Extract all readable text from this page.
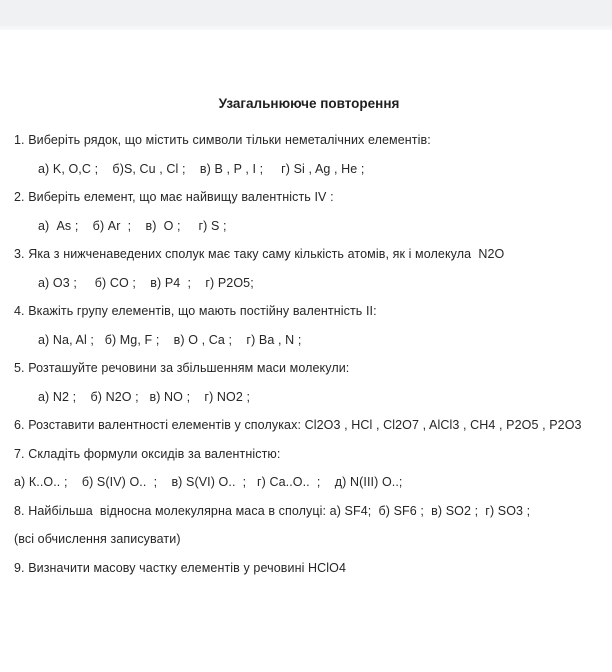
Узагальнююче повторення

1. Виберіть рядок, що містить символи тільки неметалічних елементів:

а) K, O,C ;    б)S, Cu , Cl ;    в) B , P , I ;     г) Si , Ag , He ;

2. Виберіть елемент, що має найвищу валентність IV :

а)  As ;    б) Ar  ;    в)  O ;     г) S ;

3. Яка з нижченаведених сполук має таку саму кількість атомів, як і молекула  N2O

а) O3 ;     б) CO ;    в) P4  ;    г) P2O5;

4. Вкажіть групу елементів, що мають постійну валентність II:

а) Na, Al ;   б) Mg, F ;    в) O , Ca ;    г) Ba , N ;

5. Розташуйте речовини за збільшенням маси молекули:

а) N2 ;    б) N2O ;   в) NO ;    г) NO2 ;

6. Розставити валентності елементів у сполуках: Cl2O3 , HCl , Cl2O7 , AlCl3 , CH4 , P2O5 , P2O3

7. Складіть формули оксидів за валентністю:

а) К..О.. ;    б) S(IV) O..  ;    в) S(VI) O..  ;   г) Ca..O..  ;    д) N(III) O..;

8. Найбільша  відносна молекулярна маса в сполуці: а) SF4;  б) SF6 ;  в) SO2 ;  г) SO3 ;

(всі обчислення записувати)

9. Визначити масову частку елементів у речовині HClO4
